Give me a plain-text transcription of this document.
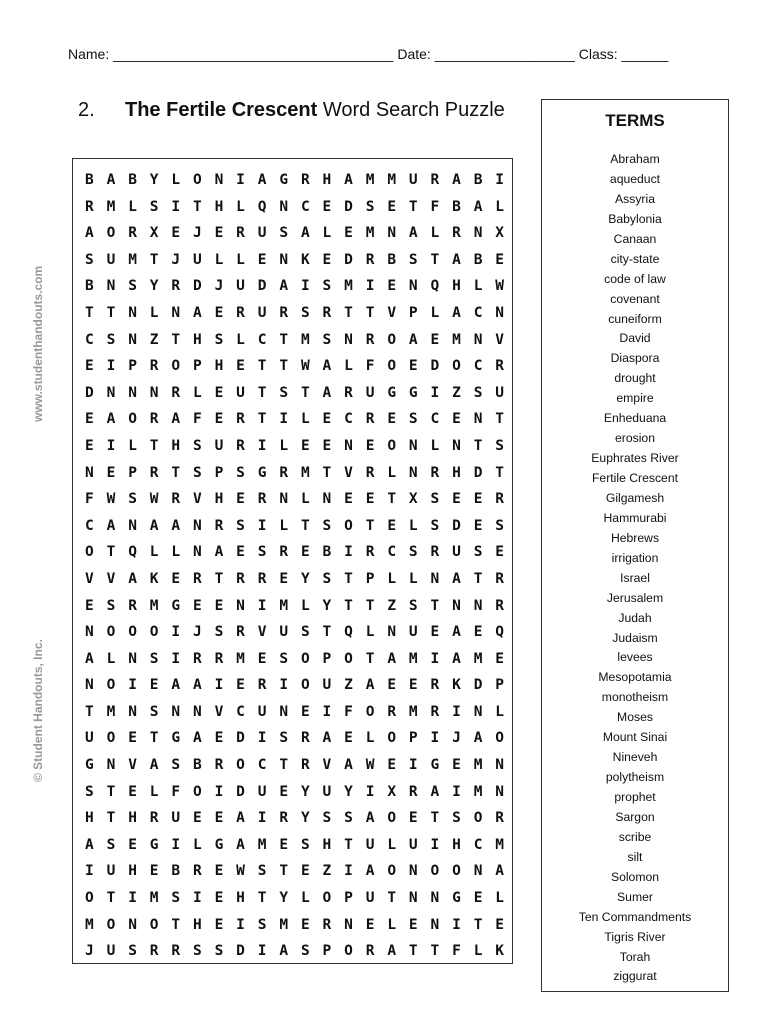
Name: ____________________________________ Date: __________________ Class: ______
2. The Fertile Crescent Word Search Puzzle
B A B Y L O N I A G R H A M M U R A B I
R M L S I T H L Q N C E D S E T F B A L
A O R X E J E R U S A L E M N A L R N X
S U M T J U L L E N K E D R B S T A B E
B N S Y R D J U D A I S M I E N Q H L W
T T N L N A E R U R S R T T V P L A C N
C S N Z T H S L C T M S N R O A E M N V
E I P R O P H E T T W A L F O E D O C R
D N N N R L E U T S T A R U G G I Z S U
E A O R A F E R T I L E C R E S C E N T
E I L T H S U R I L E E N E O N L N T S
N E P R T S P S G R M T V R L N R H D T
F W S W R V H E R N L N E E T X S E E R
C A N A A N R S I L T S O T E L S D E S
O T Q L L N A E S R E B I R C S R U S E
V V A K E R T R R E Y S T P L L N A T R
E S R M G E E N I M L Y T T Z S T N N R
N O O O I J S R V U S T Q L N U E A E Q
A L N S I R R M E S O P O T A M I A M E
N O I E A A I E R I O U Z A E E R K D P
T M N S N N V C U N E I F O R M R I N L
U O E T G A E D I S R A E L O P I J A O
G N V A S B R O C T R V A W E I G E M N
S T E L F O I D U E Y U Y I X R A I M N
H T H R U E E A I R Y S S A O E T S O R
A S E G I L G A M E S H T U L U I H C M
I U H E B R E W S T E Z I A O N O O N A
O T I M S I E H T Y L O P U T N N G E L
M O N O T H E I S M E R N E L E N I T E
J U S R R S S D I A S P O R A T T F L K
TERMS
Abraham
aqueduct
Assyria
Babylonia
Canaan
city-state
code of law
covenant
cuneiform
David
Diaspora
drought
empire
Enheduana
erosion
Euphrates River
Fertile Crescent
Gilgamesh
Hammurabi
Hebrews
irrigation
Israel
Jerusalem
Judah
Judaism
levees
Mesopotamia
monotheism
Moses
Mount Sinai
Nineveh
polytheism
prophet
Sargon
scribe
silt
Solomon
Sumer
Ten Commandments
Tigris River
Torah
ziggurat
www.studenthandouts.com
© Student Handouts, Inc.
